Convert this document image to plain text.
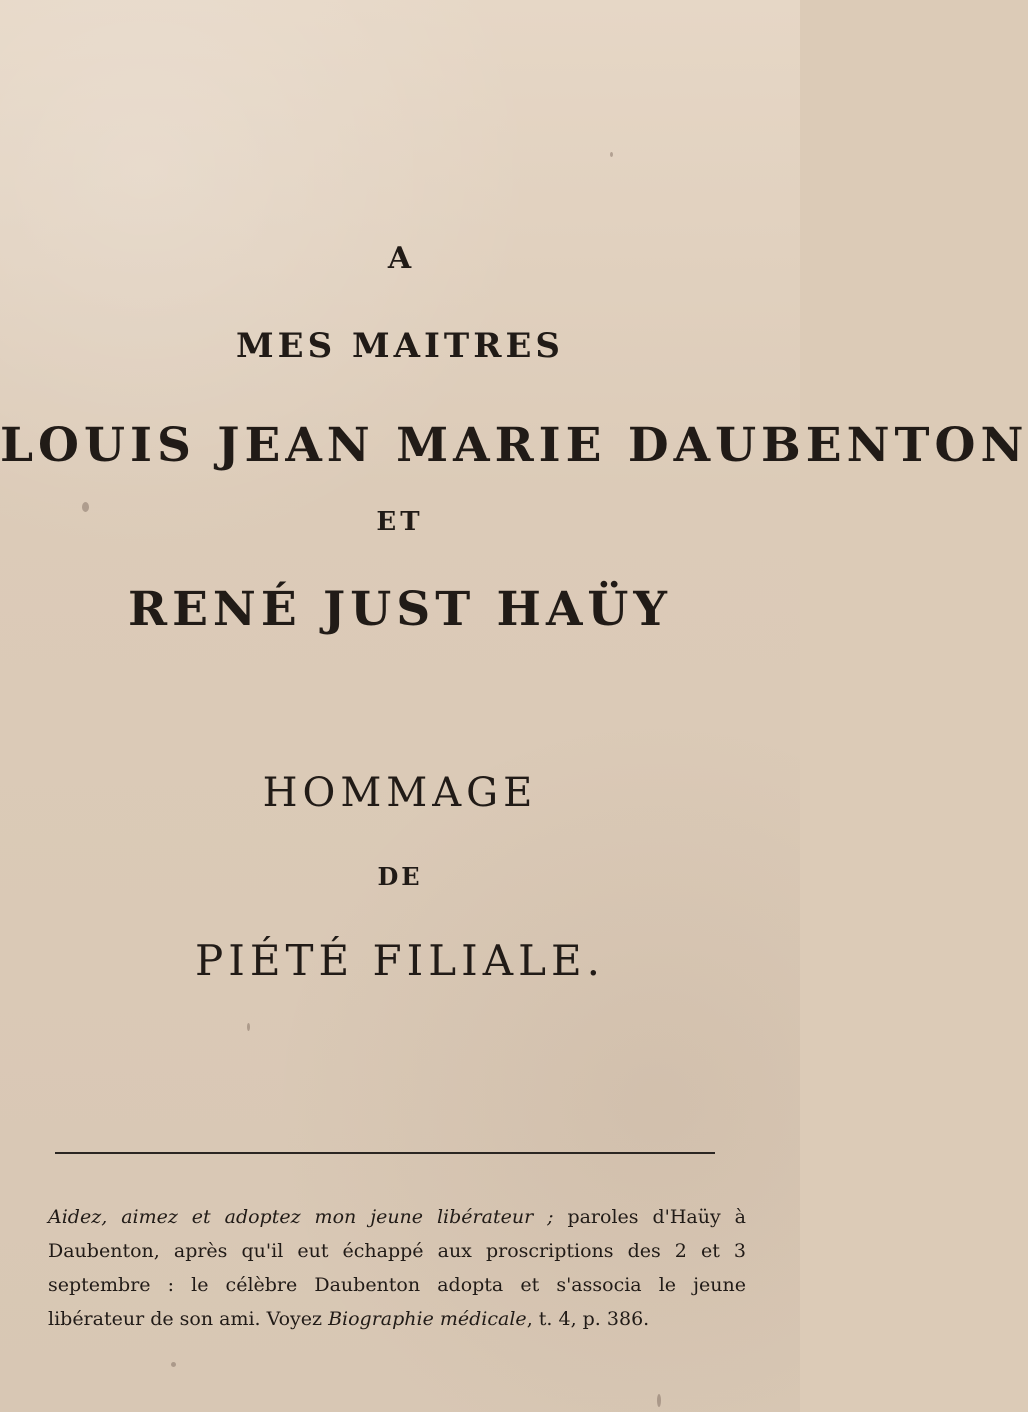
A
MES MAITRES
LOUIS JEAN MARIE DAUBENTON
ET
RENÉ JUST HAÜY
HOMMAGE
DE
PIÉTÉ FILIALE.

Aidez, aimez et adoptez mon jeune libérateur ; paroles d'Haüy à Daubenton, après qu'il eut échappé aux proscriptions des 2 et 3 septembre : le célèbre Daubenton adopta et s'associa le jeune libérateur de son ami. Voyez Biographie médicale, t. 4, p. 386.
